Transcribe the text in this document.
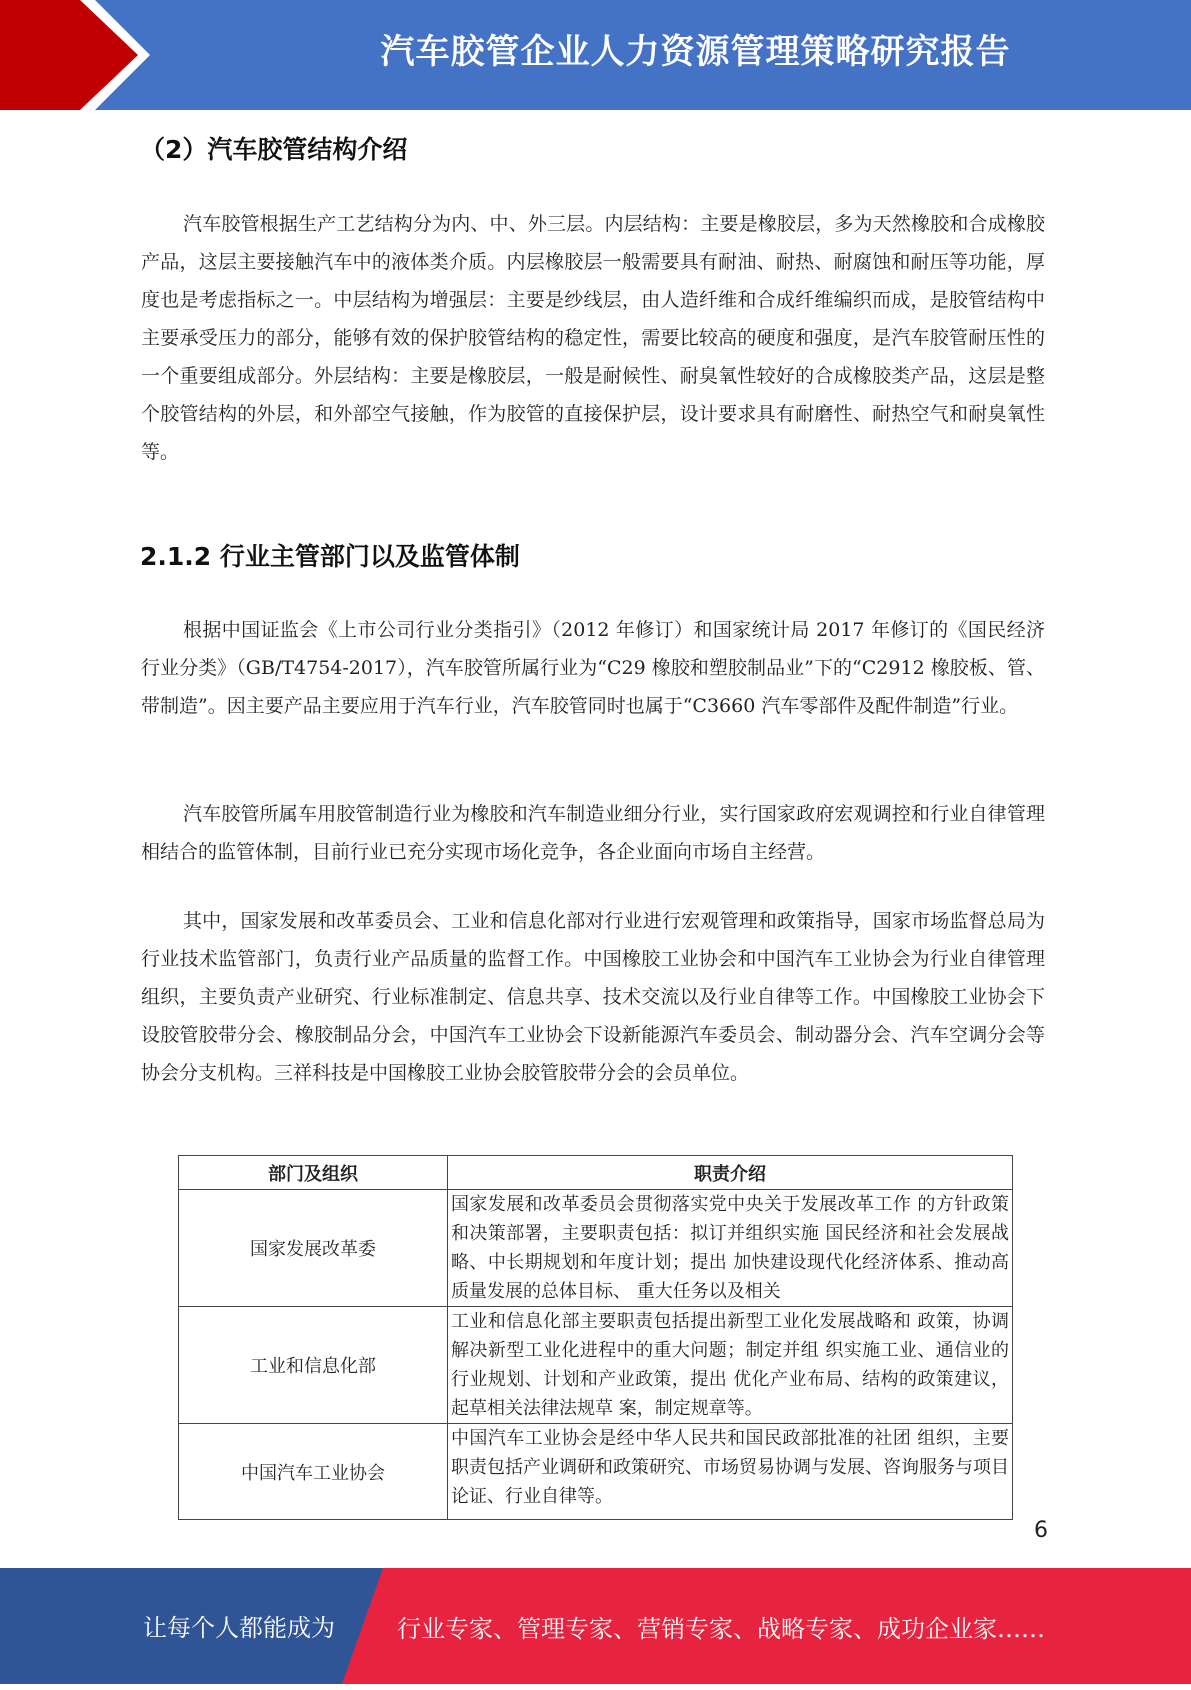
汽车胶管企业人力资源管理策略研究报告
（2）汽车胶管结构介绍

汽车胶管根据生产工艺结构分为内、中、外三层。内层结构：主要是橡胶层，多为天然橡胶和合成橡胶产品，这层主要接触汽车中的液体类介质。内层橡胶层一般需要具有耐油、耐热、耐腐蚀和耐压等功能，厚度也是考虑指标之一。中层结构为增强层：主要是纱线层，由人造纤维和合成纤维编织而成，是胶管结构中主要承受压力的部分，能够有效的保护胶管结构的稳定性，需要比较高的硬度和强度，是汽车胶管耐压性的一个重要组成部分。外层结构：主要是橡胶层，一般是耐候性、耐臭氧性较好的合成橡胶类产品，这层是整个胶管结构的外层，和外部空气接触，作为胶管的直接保护层，设计要求具有耐磨性、耐热空气和耐臭氧性等。

2.1.2 行业主管部门以及监管体制

根据中国证监会《上市公司行业分类指引》（2012 年修订）和国家统计局 2017 年修订的《国民经济行业分类》（GB/T4754-2017），汽车胶管所属行业为“C29 橡胶和塑胶制品业”下的“C2912 橡胶板、管、带制造”。因主要产品主要应用于汽车行业，汽车胶管同时也属于“C3660 汽车零部件及配件制造”行业。

汽车胶管所属车用胶管制造行业为橡胶和汽车制造业细分行业，实行国家政府宏观调控和行业自律管理相结合的监管体制，目前行业已充分实现市场化竞争，各企业面向市场自主经营。

其中，国家发展和改革委员会、工业和信息化部对行业进行宏观管理和政策指导，国家市场监督总局为行业技术监管部门，负责行业产品质量的监督工作。中国橡胶工业协会和中国汽车工业协会为行业自律管理组织，主要负责产业研究、行业标准制定、信息共享、技术交流以及行业自律等工作。中国橡胶工业协会下设胶管胶带分会、橡胶制品分会，中国汽车工业协会下设新能源汽车委员会、制动器分会、汽车空调分会等协会分支机构。三祥科技是中国橡胶工业协会胶管胶带分会的会员单位。

部门及组织	职责介绍
国家发展改革委	国家发展和改革委员会贯彻落实党中央关于发展改革工作 的方针政策和决策部署，主要职责包括：拟订并组织实施 国民经济和社会发展战略、中长期规划和年度计划；提出 加快建设现代化经济体系、推动高质量发展的总体目标、 重大任务以及相关
工业和信息化部	工业和信息化部主要职责包括提出新型工业化发展战略和 政策，协调解决新型工业化进程中的重大问题；制定并组 织实施工业、通信业的行业规划、计划和产业政策，提出 优化产业布局、结构的政策建议，起草相关法律法规草 案，制定规章等。
中国汽车工业协会	中国汽车工业协会是经中华人民共和国民政部批准的社团 组织，主要职责包括产业调研和政策研究、市场贸易协调与发展、咨询服务与项目论证、行业自律等。
6
让每个人都能成为	行业专家、管理专家、营销专家、战略专家、成功企业家……
